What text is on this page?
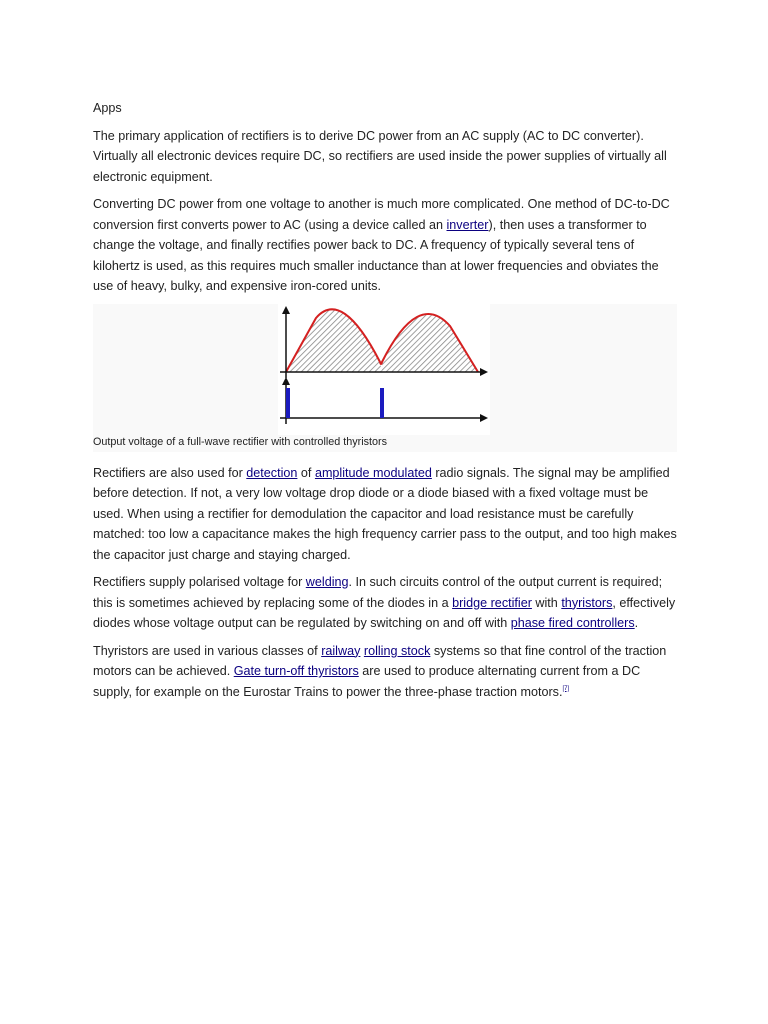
Apps

The primary application of rectifiers is to derive DC power from an AC supply (AC to DC converter). Virtually all electronic devices require DC, so rectifiers are used inside the power supplies of virtually all electronic equipment.

Converting DC power from one voltage to another is much more complicated. One method of DC-to-DC conversion first converts power to AC (using a device called an inverter), then uses a transformer to change the voltage, and finally rectifies power back to DC. A frequency of typically several tens of kilohertz is used, as this requires much smaller inductance than at lower frequencies and obviates the use of heavy, bulky, and expensive iron-cored units.

Output voltage of a full-wave rectifier with controlled thyristors

Rectifiers are also used for detection of amplitude modulated radio signals. The signal may be amplified before detection. If not, a very low voltage drop diode or a diode biased with a fixed voltage must be used. When using a rectifier for demodulation the capacitor and load resistance must be carefully matched: too low a capacitance makes the high frequency carrier pass to the output, and too high makes the capacitor just charge and staying charged.

Rectifiers supply polarised voltage for welding. In such circuits control of the output current is required; this is sometimes achieved by replacing some of the diodes in a bridge rectifier with thyristors, effectively diodes whose voltage output can be regulated by switching on and off with phase fired controllers.

Thyristors are used in various classes of railway rolling stock systems so that fine control of the traction motors can be achieved. Gate turn-off thyristors are used to produce alternating current from a DC supply, for example on the Eurostar Trains to power the three-phase traction motors.[7]
